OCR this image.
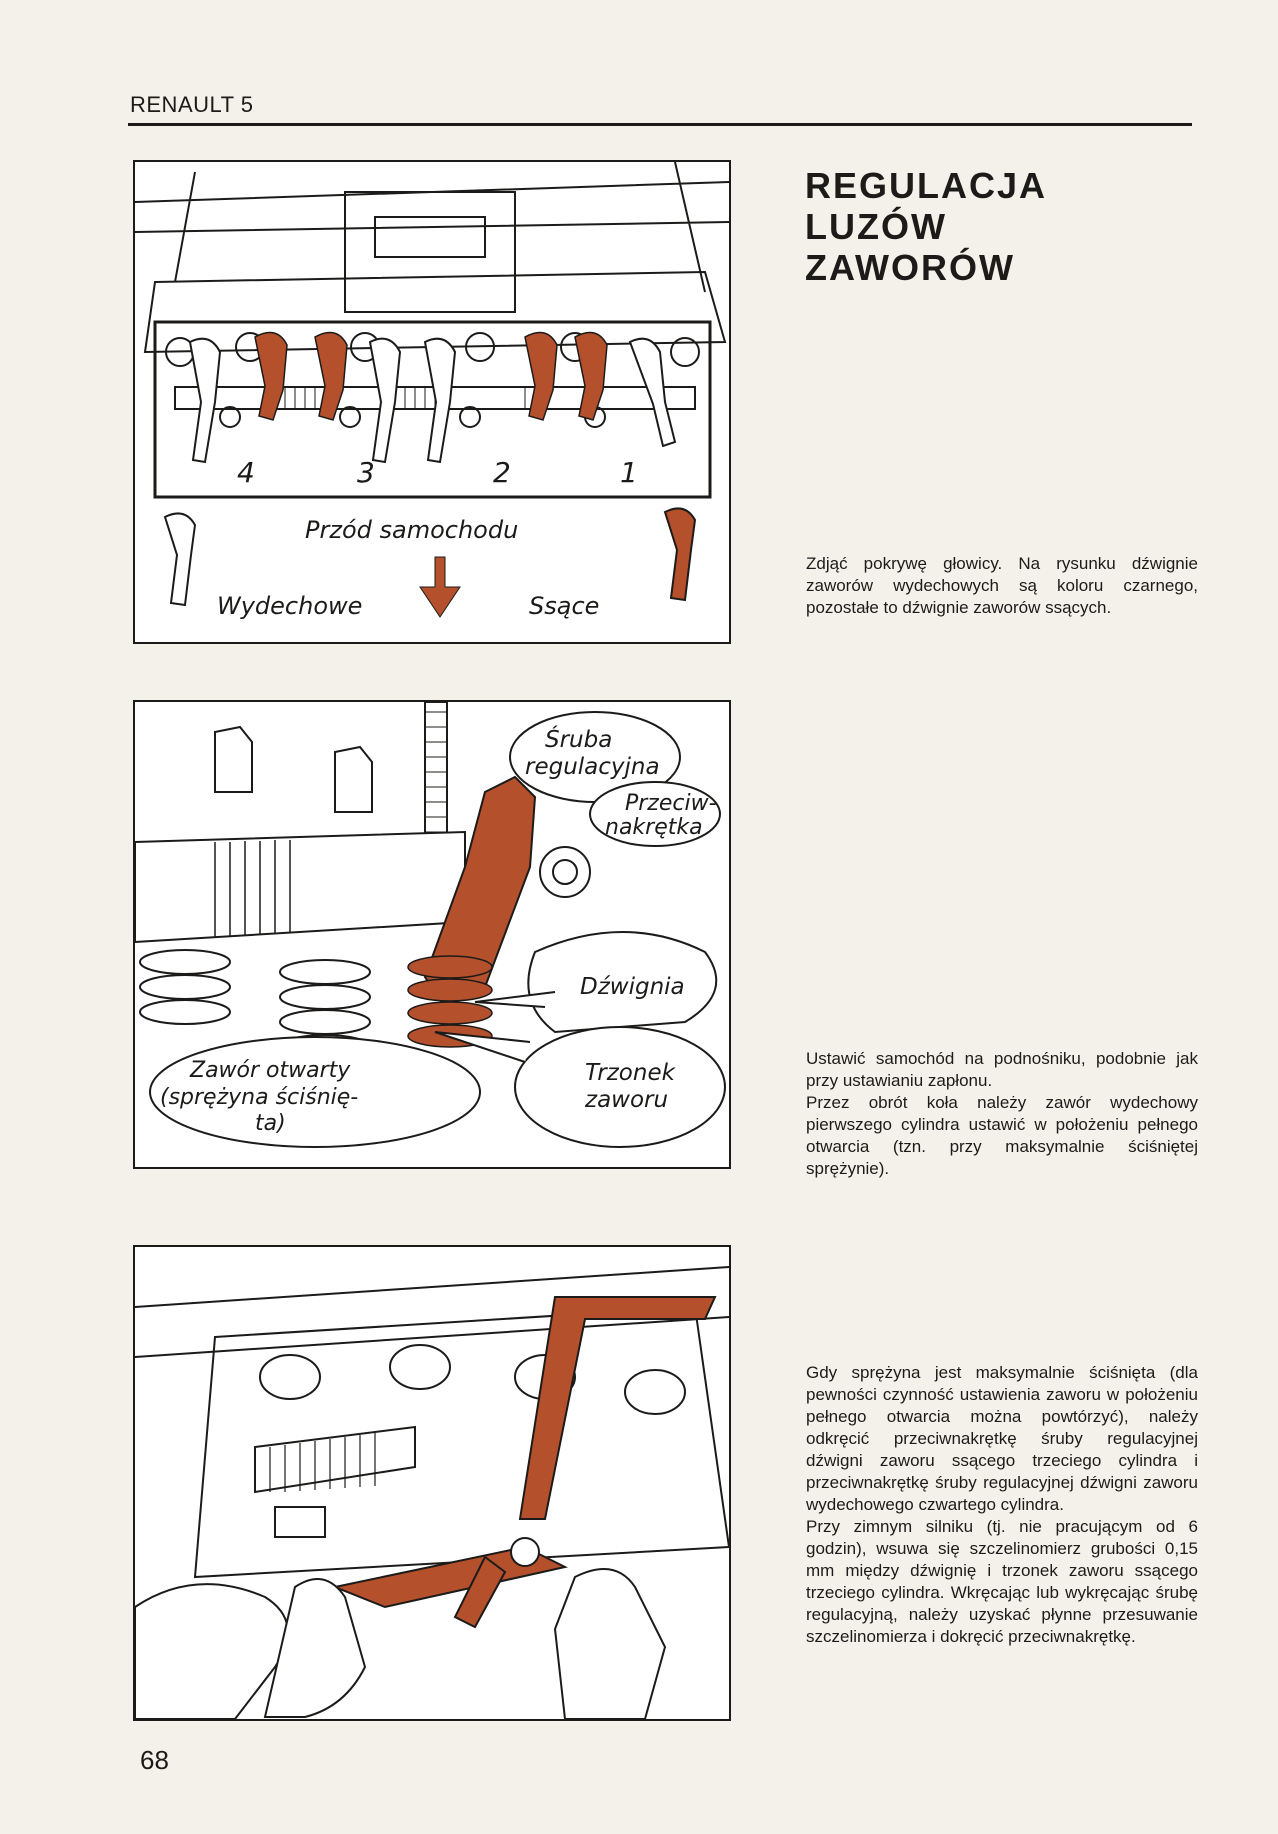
RENAULT 5
4	3	2	1
Przód samochodu
Wydechowe	Ssące
REGULACJA
LUZÓW
ZAWORÓW

Zdjąć pokrywę głowicy. Na rysunku dźwignie zaworów wydechowych są koloru czarnego, pozostałe to dźwignie zaworów ssących.

Śruba
regulacyjna
Przeciw-
nakrętka
Dźwignia
Trzonek
zaworu
Zawór otwarty
(sprężyna ściśnię-
ta)

Ustawić samochód na podnośniku, podobnie jak przy ustawianiu zapłonu.

Przez obrót koła należy zawór wydechowy pierwszego cylindra ustawić w położeniu pełnego otwarcia (tzn. przy maksymalnie ściśniętej sprężynie).

Gdy sprężyna jest maksymalnie ściśnięta (dla pewności czynność ustawienia zaworu w położeniu pełnego otwarcia można powtórzyć), należy odkręcić przeciwnakrętkę śruby regulacyjnej dźwigni zaworu ssącego trzeciego cylindra i przeciwnakrętkę śruby regulacyjnej dźwigni zaworu wydechowego czwartego cylindra.

Przy zimnym silniku (tj. nie pracującym od 6 godzin), wsuwa się szczelinomierz grubości 0,15 mm między dźwignię i trzonek zaworu ssącego trzeciego cylindra. Wkręcając lub wykręcając śrubę regulacyjną, należy uzyskać płynne przesuwanie szczelinomierza i dokręcić przeciwnakrętkę.

68
